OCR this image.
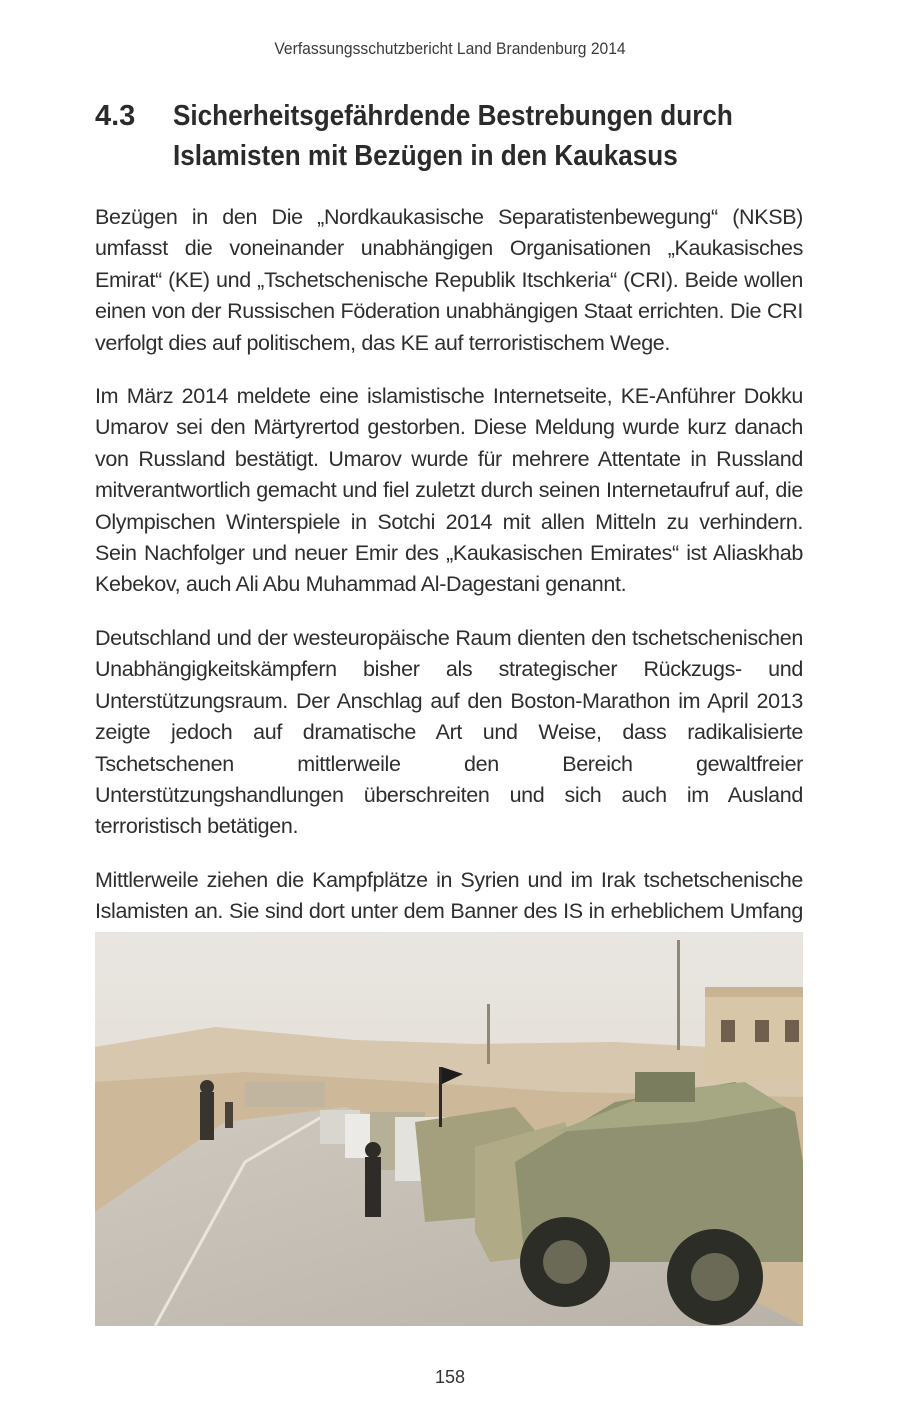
Verfassungsschutzbericht Land Brandenburg 2014
4.3	Sicherheitsgefährdende Bestrebungen durch
Islamisten mit Bezügen in den Kaukasus

Bezügen in den Die „Nordkaukasische Separatistenbewegung“ (NKSB) umfasst die voneinander unabhängigen Organisationen „Kaukasisches Emirat“ (KE) und „Tschetschenische Republik Itschkeria“ (CRI). Beide wollen einen von der Russischen Föderation unabhängigen Staat errichten. Die CRI verfolgt dies auf politischem, das KE auf terroristischem Wege.

Im März 2014 meldete eine islamistische Internetseite, KE-Anführer Dokku Umarov sei den Märtyrertod gestorben. Diese Meldung wurde kurz danach von Russland bestätigt. Umarov wurde für mehrere Attentate in Russland mitverantwortlich gemacht und fiel zuletzt durch seinen Internetaufruf auf, die Olympischen Winterspiele in Sotchi 2014 mit allen Mitteln zu verhindern. Sein Nachfolger und neuer Emir des „Kaukasischen Emirates“ ist Aliaskhab Kebekov, auch Ali Abu Muhammad Al-Dagestani genannt.

Deutschland und der westeuropäische Raum dienten den tschetschenischen Unabhängigkeitskämpfern bisher als strategischer Rückzugs- und Unterstützungsraum. Der Anschlag auf den Boston-Marathon im April 2013 zeigte jedoch auf dramatische Art und Weise, dass radikalisierte Tschetschenen mittlerweile den Bereich gewaltfreier Unterstützungshandlungen überschreiten und sich auch im Ausland terroristisch betätigen.

Mittlerweile ziehen die Kampfplätze in Syrien und im Irak tschetschenische Islamisten an. Sie sind dort unter dem Banner des IS in erheblichem Umfang

158
